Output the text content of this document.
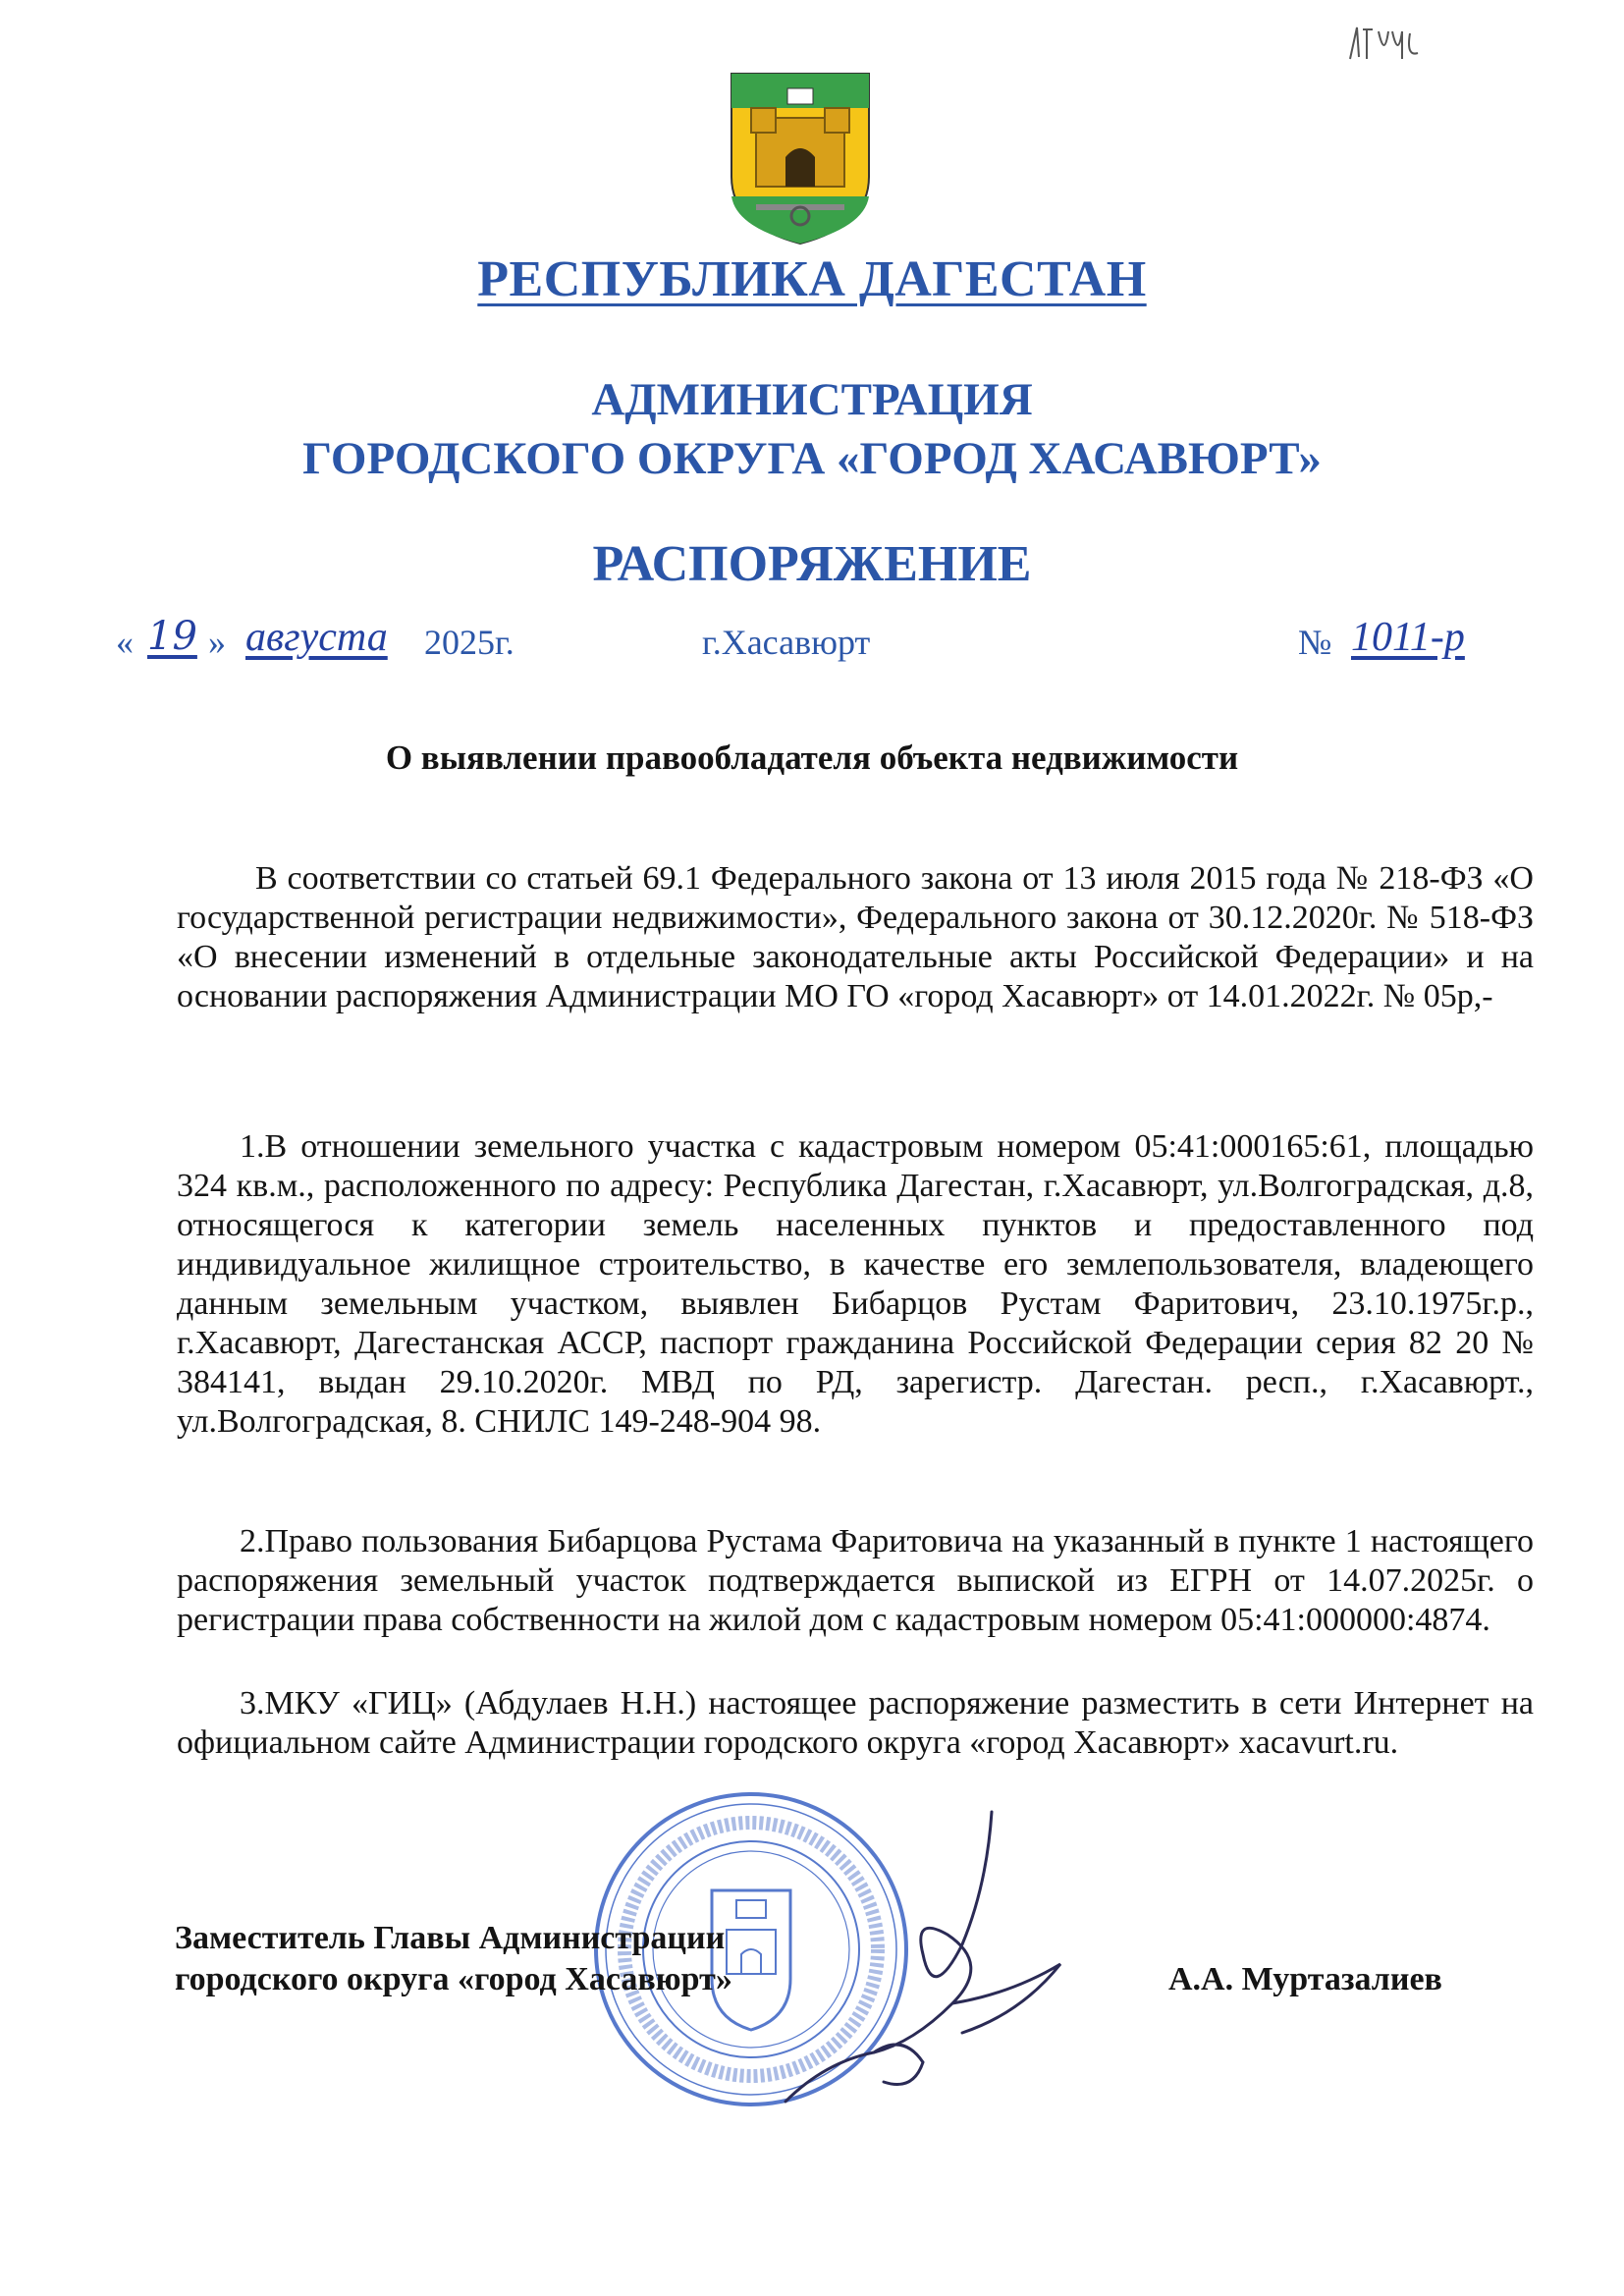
РЕСПУБЛИКА ДАГЕСТАН
АДМИНИСТРАЦИЯ
ГОРОДСКОГО ОКРУГА «ГОРОД ХАСАВЮРТ»
РАСПОРЯЖЕНИЕ
« 19 » августа	2025г.	г.Хасавюрт	№ 1011-р
О выявлении правообладателя объекта недвижимости
В соответствии со статьей 69.1 Федерального закона от 13 июля 2015 года № 218-ФЗ «О государственной регистрации недвижимости», Федерального закона от 30.12.2020г. № 518-ФЗ «О внесении изменений в отдельные законодательные акты Российской Федерации» и на основании распоряжения Администрации МО ГО «город Хасавюрт» от 14.01.2022г. № 05р,-
1.В отношении земельного участка с кадастровым номером 05:41:000165:61, площадью 324 кв.м., расположенного по адресу: Республика Дагестан, г.Хасавюрт, ул.Волгоградская, д.8, относящегося к категории земель населенных пунктов и предоставленного под индивидуальное жилищное строительство, в качестве его землепользователя, владеющего данным земельным участком, выявлен Бибарцов Рустам Фаритович, 23.10.1975г.р., г.Хасавюрт, Дагестанская АССР, паспорт гражданина Российской Федерации серия 82 20 № 384141, выдан 29.10.2020г. МВД по РД, зарегистр. Дагестан. респ., г.Хасавюрт., ул.Волгоградская, 8. СНИЛС 149-248-904 98.
2.Право пользования Бибарцова Рустама Фаритовича на указанный в пункте 1 настоящего распоряжения земельный участок подтверждается выпиской из ЕГРН от 14.07.2025г. о регистрации права собственности на жилой дом с кадастровым номером 05:41:000000:4874.
3.МКУ «ГИЦ» (Абдулаев Н.Н.) настоящее распоряжение разместить в сети Интернет на официальном сайте Администрации городского округа «город Хасавюрт» xacavurt.ru.
Заместитель Главы Администрации
городского округа «город Хасавюрт»	А.А. Муртазалиев
